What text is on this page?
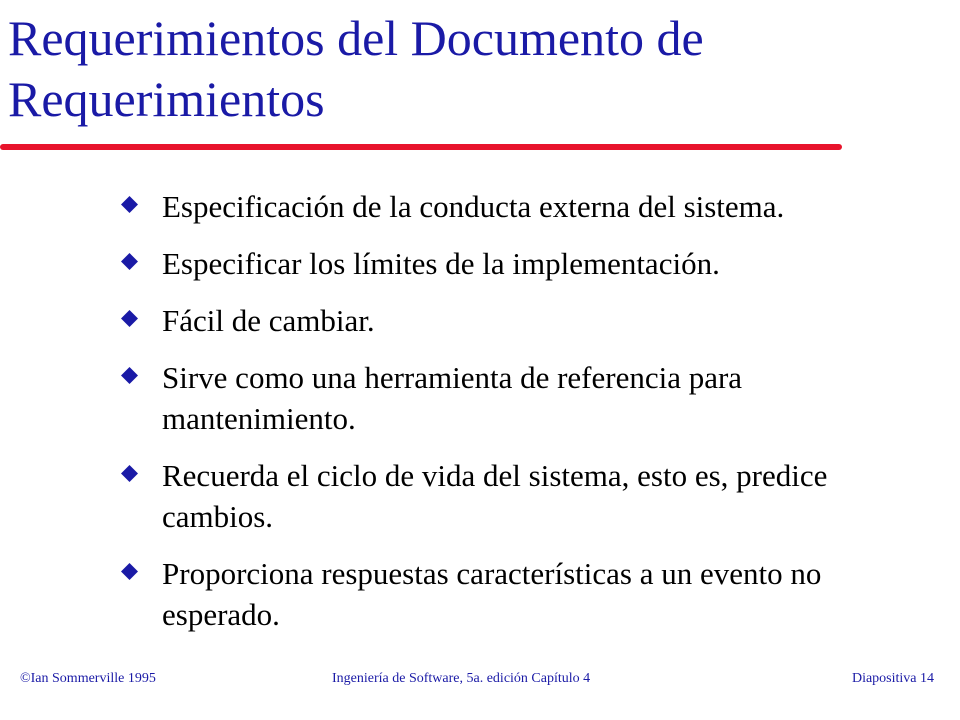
Requerimientos del Documento de
Requerimientos
Especificación de la conducta externa del sistema.
Especificar los límites de la implementación.
Fácil de cambiar.
Sirve como una herramienta de referencia para mantenimiento.
Recuerda el ciclo de vida del sistema, esto es, predice cambios.
Proporciona respuestas características a un evento no esperado.
©Ian Sommerville 1995	Ingeniería de Software, 5a. edición Capítulo 4	Diapositiva 14
